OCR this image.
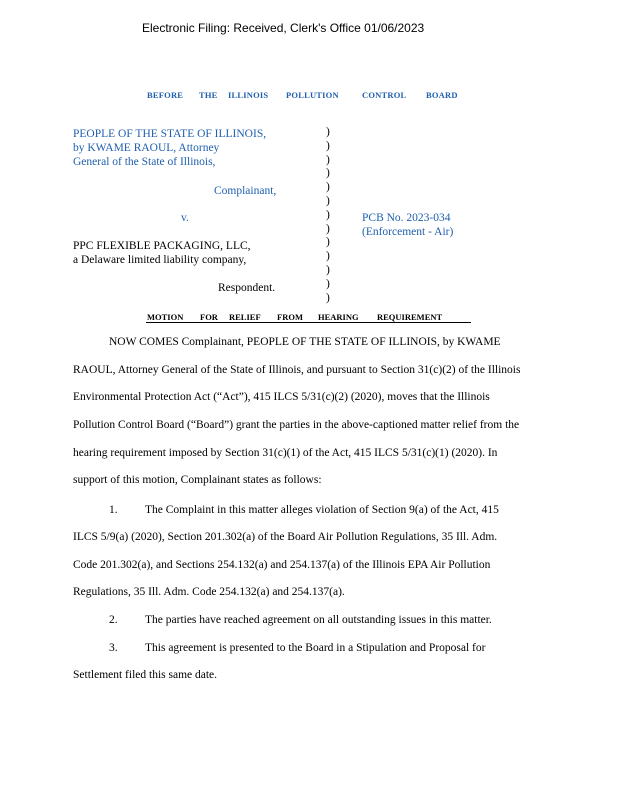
Electronic Filing: Received, Clerk's Office 01/06/2023
BEFORE THE ILLINOIS POLLUTION	CONTROL BOARD
PEOPLE OF THE STATE OF ILLINOIS,
by KWAME RAOUL, Attorney
General of the State of Illinois,
Complainant,
v.	PCB No. 2023-034
(Enforcement - Air)
PPC FLEXIBLE PACKAGING, LLC,
a Delaware limited liability company,
Respondent.
)
)
)
)
)
)
)
)
)
)
)
)
)
MOTION FOR RELIEF FROM HEARING REQUIREMENT
NOW COMES Complainant, PEOPLE OF THE STATE OF ILLINOIS, by KWAME
RAOUL, Attorney General of the State of Illinois, and pursuant to Section 31(c)(2) of the Illinois
Environmental Protection Act (“Act”), 415 ILCS 5/31(c)(2) (2020), moves that the Illinois
Pollution Control Board (“Board”) grant the parties in the above-captioned matter relief from the
hearing requirement imposed by Section 31(c)(1) of the Act, 415 ILCS 5/31(c)(1) (2020). In
support of this motion, Complainant states as follows:
1. The Complaint in this matter alleges violation of Section 9(a) of the Act, 415
ILCS 5/9(a) (2020), Section 201.302(a) of the Board Air Pollution Regulations, 35 Ill. Adm.
Code 201.302(a), and Sections 254.132(a) and 254.137(a) of the Illinois EPA Air Pollution
Regulations, 35 Ill. Adm. Code 254.132(a) and 254.137(a).
2. The parties have reached agreement on all outstanding issues in this matter.
3. This agreement is presented to the Board in a Stipulation and Proposal for
Settlement filed this same date.
